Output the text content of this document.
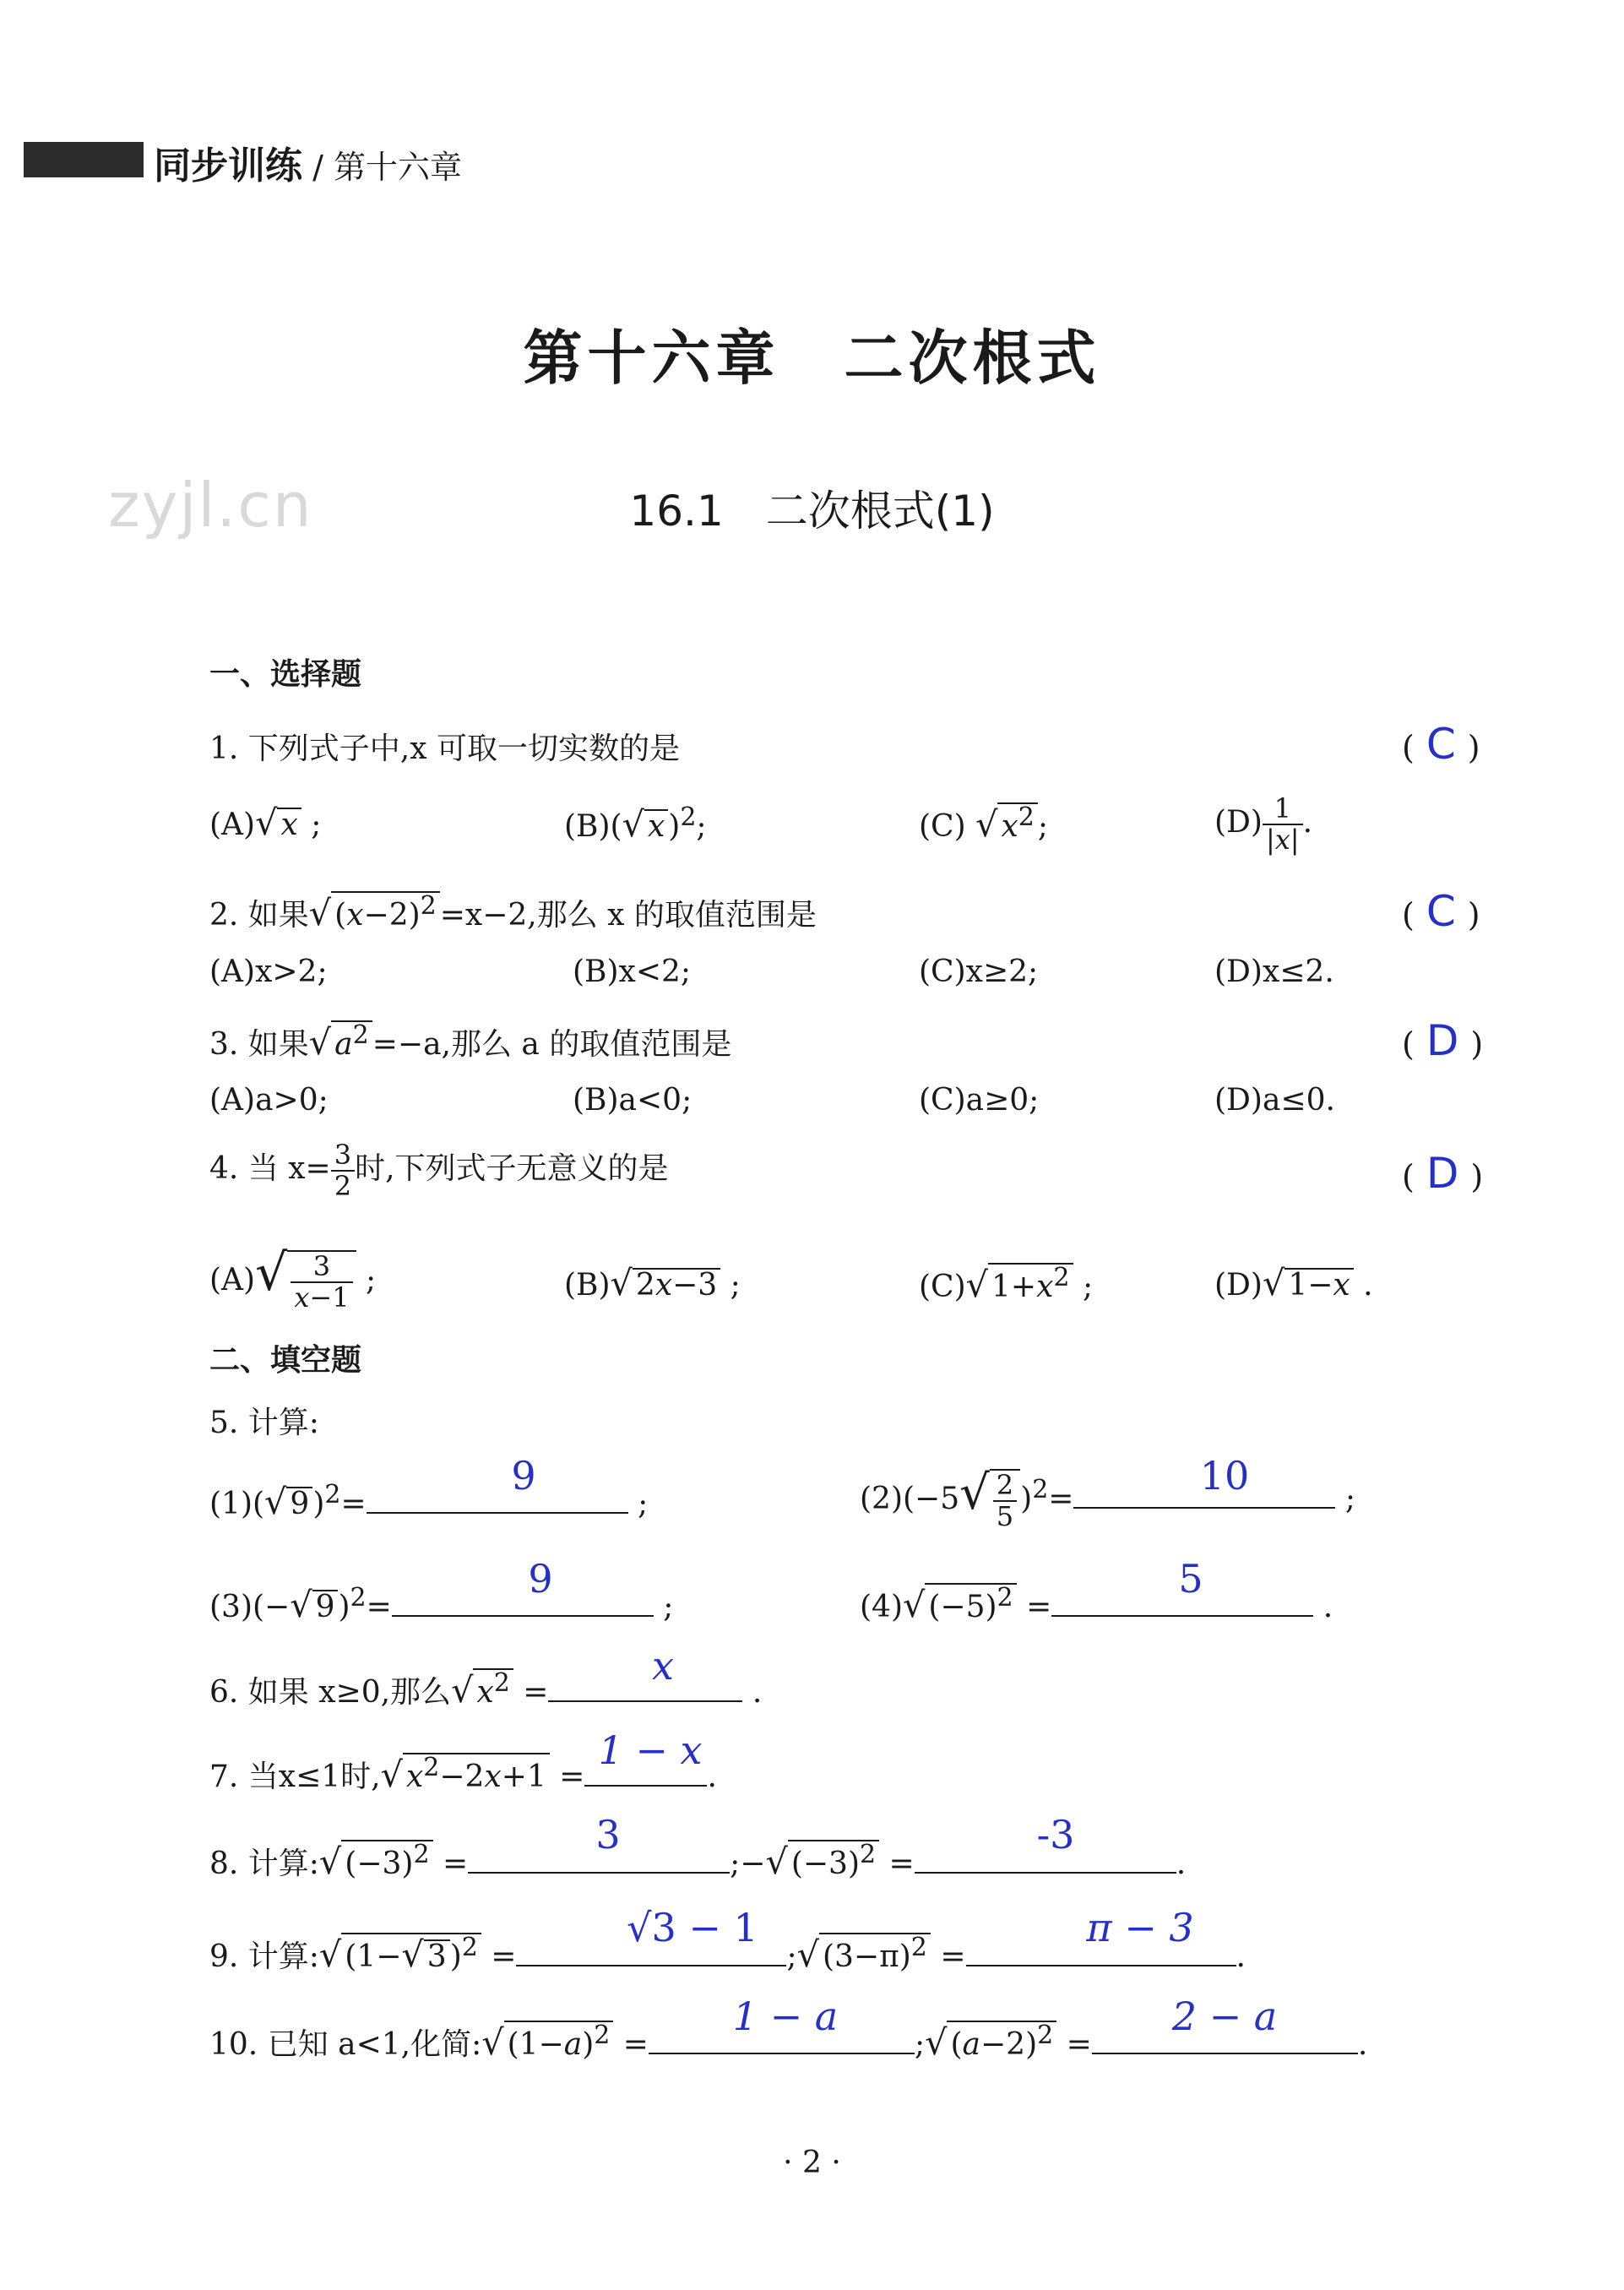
同步训练 / 第十六章
zyjl.cn
第十六章　二次根式
16.1　二次根式(1)
一、选择题
1. 下列式子中,x 可取一切实数的是	( C )
(A)√ x ;	(B)(√ x )$^2$;	(C) √ $x^2$ ;	$(D) \frac{1}{|x|}$ .
2. 如果√ $(x-2)^2 =x-2$,那么 x 的取值范围是	( C )
(A)x>2;	(B)x<2;	(C)x≥2;	(D)x≤2.
3. 如果√ $a^2 =-a$,那么 a 的取值范围是	( D )
(A)a>0;	(B)a<0;	(C)a≥0;	(D)a≤0.
4. 当 $x= \frac{3}{2}$ 时,下列式子无意义的是	( D )
$(A)√ \frac{3}{x-1}$ ;	(B)√ 2x−3 ;	(C)√ $1+x^2$ ;	(D)√ 1−x .
二、填空题
5. 计算:
(1)(√ 9 )$^2$=	;
9
$(2)(-5√ \frac{2}{5} )^2=$	;
10
(3)(−√ 9 )$^2$=	;
9
(4)√ $(-5)^2$ =	.
5
6. 如果 x≥0,那么√ $x^2$ =	.
x
7. 当x≤1时,√ $x^2-2x+1$ =	.
1 − x
8. 计算:√ $(-3)^2$ =	;−√ $(-3)^2$ =	.
3	-3
9. 计算:√ (1−√ 3 )$^2$ =	;√ $(3-\pi)^2$ =	.
√3 − 1	π − 3
10. 已知 a<1,化简:√ $(1-a)^2$ =	;√ $(a-2)^2$ =	.
1 − a	2 − a
· 2 ·
